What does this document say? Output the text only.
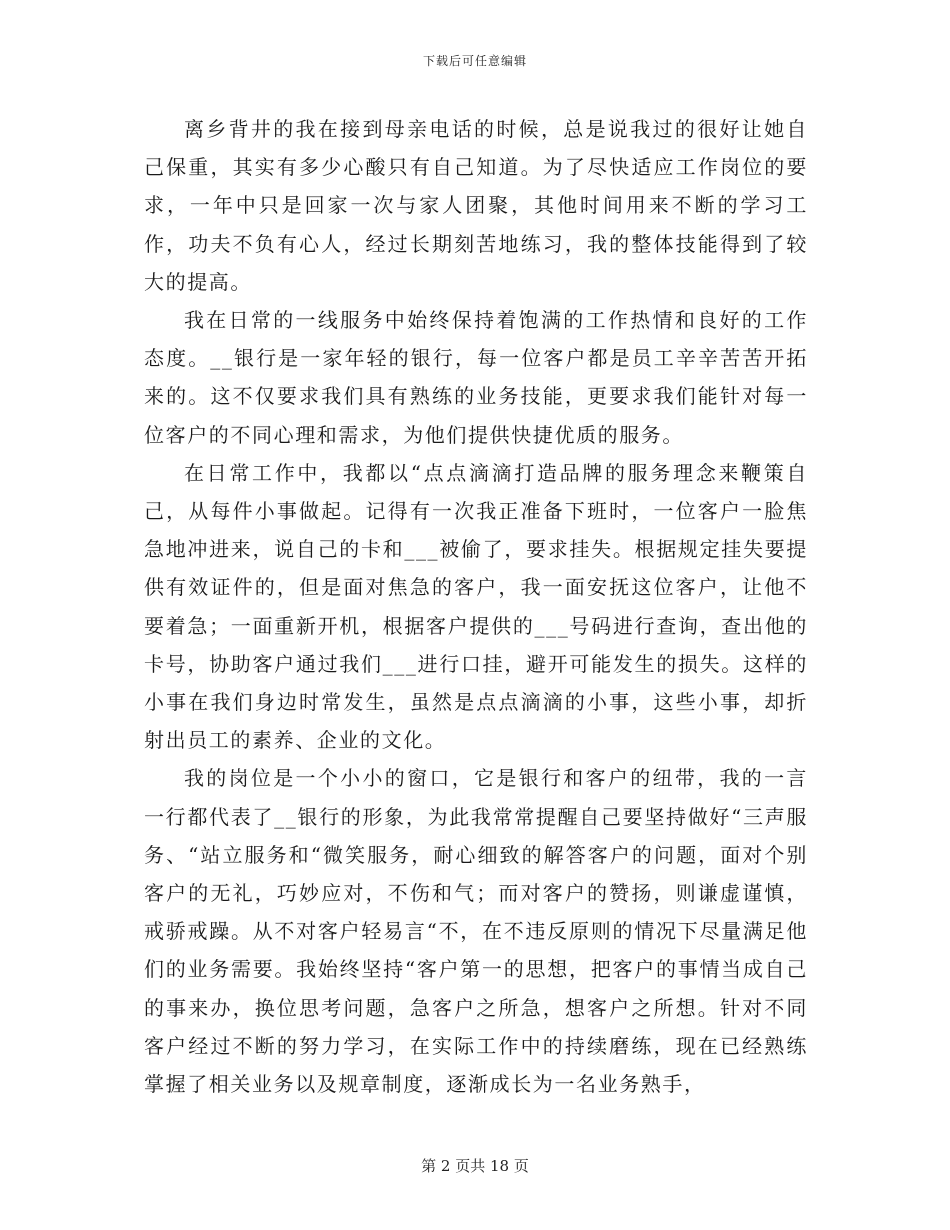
下载后可任意编辑

离乡背井的我在接到母亲电话的时候，总是说我过的很好让她自己保重，其实有多少心酸只有自己知道。为了尽快适应工作岗位的要求，一年中只是回家一次与家人团聚，其他时间用来不断的学习工作，功夫不负有心人，经过长期刻苦地练习，我的整体技能得到了较大的提高。

我在日常的一线服务中始终保持着饱满的工作热情和良好的工作态度。__银行是一家年轻的银行，每一位客户都是员工辛辛苦苦开拓来的。这不仅要求我们具有熟练的业务技能，更要求我们能针对每一位客户的不同心理和需求，为他们提供快捷优质的服务。

在日常工作中，我都以“点点滴滴打造品牌的服务理念来鞭策自己，从每件小事做起。记得有一次我正准备下班时，一位客户一脸焦急地冲进来，说自己的卡和___被偷了，要求挂失。根据规定挂失要提供有效证件的，但是面对焦急的客户，我一面安抚这位客户，让他不要着急；一面重新开机，根据客户提供的___号码进行查询，查出他的卡号，协助客户通过我们___进行口挂，避开可能发生的损失。这样的小事在我们身边时常发生，虽然是点点滴滴的小事，这些小事，却折射出员工的素养、企业的文化。

我的岗位是一个小小的窗口，它是银行和客户的纽带，我的一言一行都代表了__银行的形象，为此我常常提醒自己要坚持做好“三声服务、“站立服务和“微笑服务，耐心细致的解答客户的问题，面对个别客户的无礼，巧妙应对，不伤和气；而对客户的赞扬，则谦虚谨慎，戒骄戒躁。从不对客户轻易言“不，在不违反原则的情况下尽量满足他们的业务需要。我始终坚持“客户第一的思想，把客户的事情当成自己的事来办，换位思考问题，急客户之所急，想客户之所想。针对不同客户经过不断的努力学习，在实际工作中的持续磨练，现在已经熟练掌握了相关业务以及规章制度，逐渐成长为一名业务熟手，

第 2 页共 18 页
